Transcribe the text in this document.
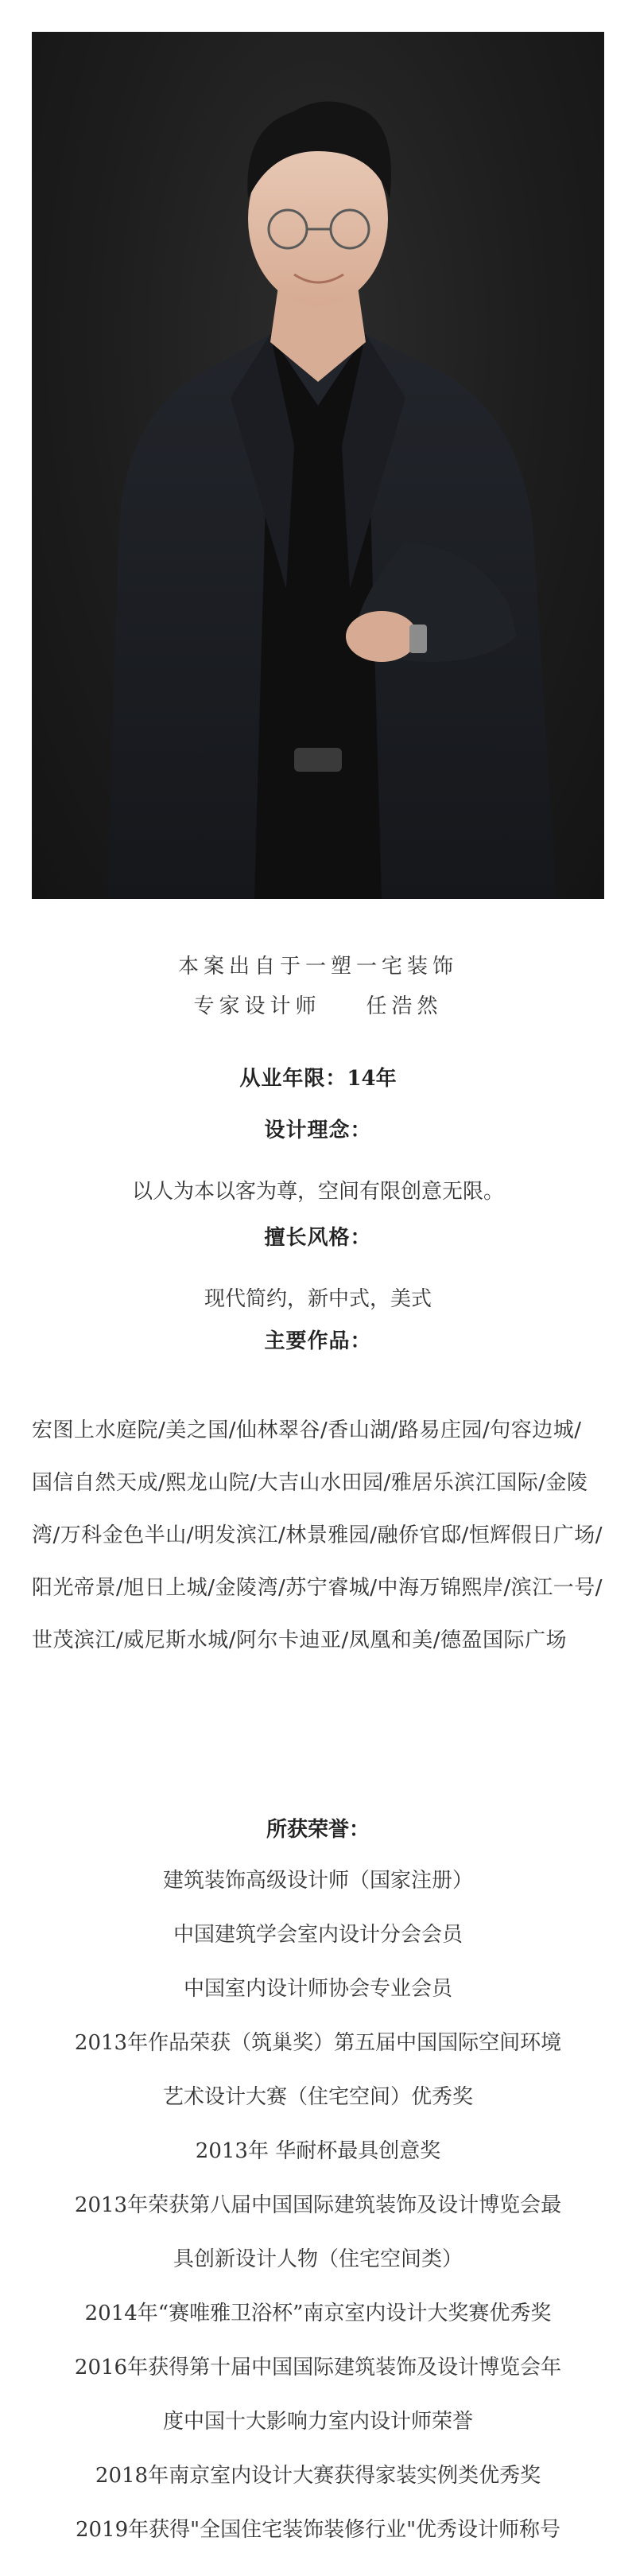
本案出自于一塑一宅装饰
专家设计师    任浩然
从业年限：14年
设计理念：
以人为本以客为尊，空间有限创意无限。
擅长风格：
现代简约，新中式，美式
主要作品：
宏图上水庭院/美之国/仙林翠谷/香山湖/路易庄园/句容边城/ 国信自然天成/熙龙山院/大吉山水田园/雅居乐滨江国际/金陵湾/万科金色半山/明发滨江/林景雅园/融侨官邸/恒辉假日广场/阳光帝景/旭日上城/金陵湾/苏宁睿城/中海万锦熙岸/滨江一号/世茂滨江/威尼斯水城/阿尔卡迪亚/凤凰和美/德盈国际广场
所获荣誉：
建筑装饰高级设计师（国家注册）
中国建筑学会室内设计分会会员
中国室内设计师协会专业会员
2013年作品荣获（筑巢奖）第五届中国国际空间环境
艺术设计大赛（住宅空间）优秀奖
2013年 华耐杯最具创意奖
2013年荣获第八届中国国际建筑装饰及设计博览会最
具创新设计人物（住宅空间类）
2014年“赛唯雅卫浴杯”南京室内设计大奖赛优秀奖
2016年获得第十届中国国际建筑装饰及设计博览会年
度中国十大影响力室内设计师荣誉
2018年南京室内设计大赛获得家装实例类优秀奖
2019年获得"全国住宅装饰装修行业"优秀设计师称号
